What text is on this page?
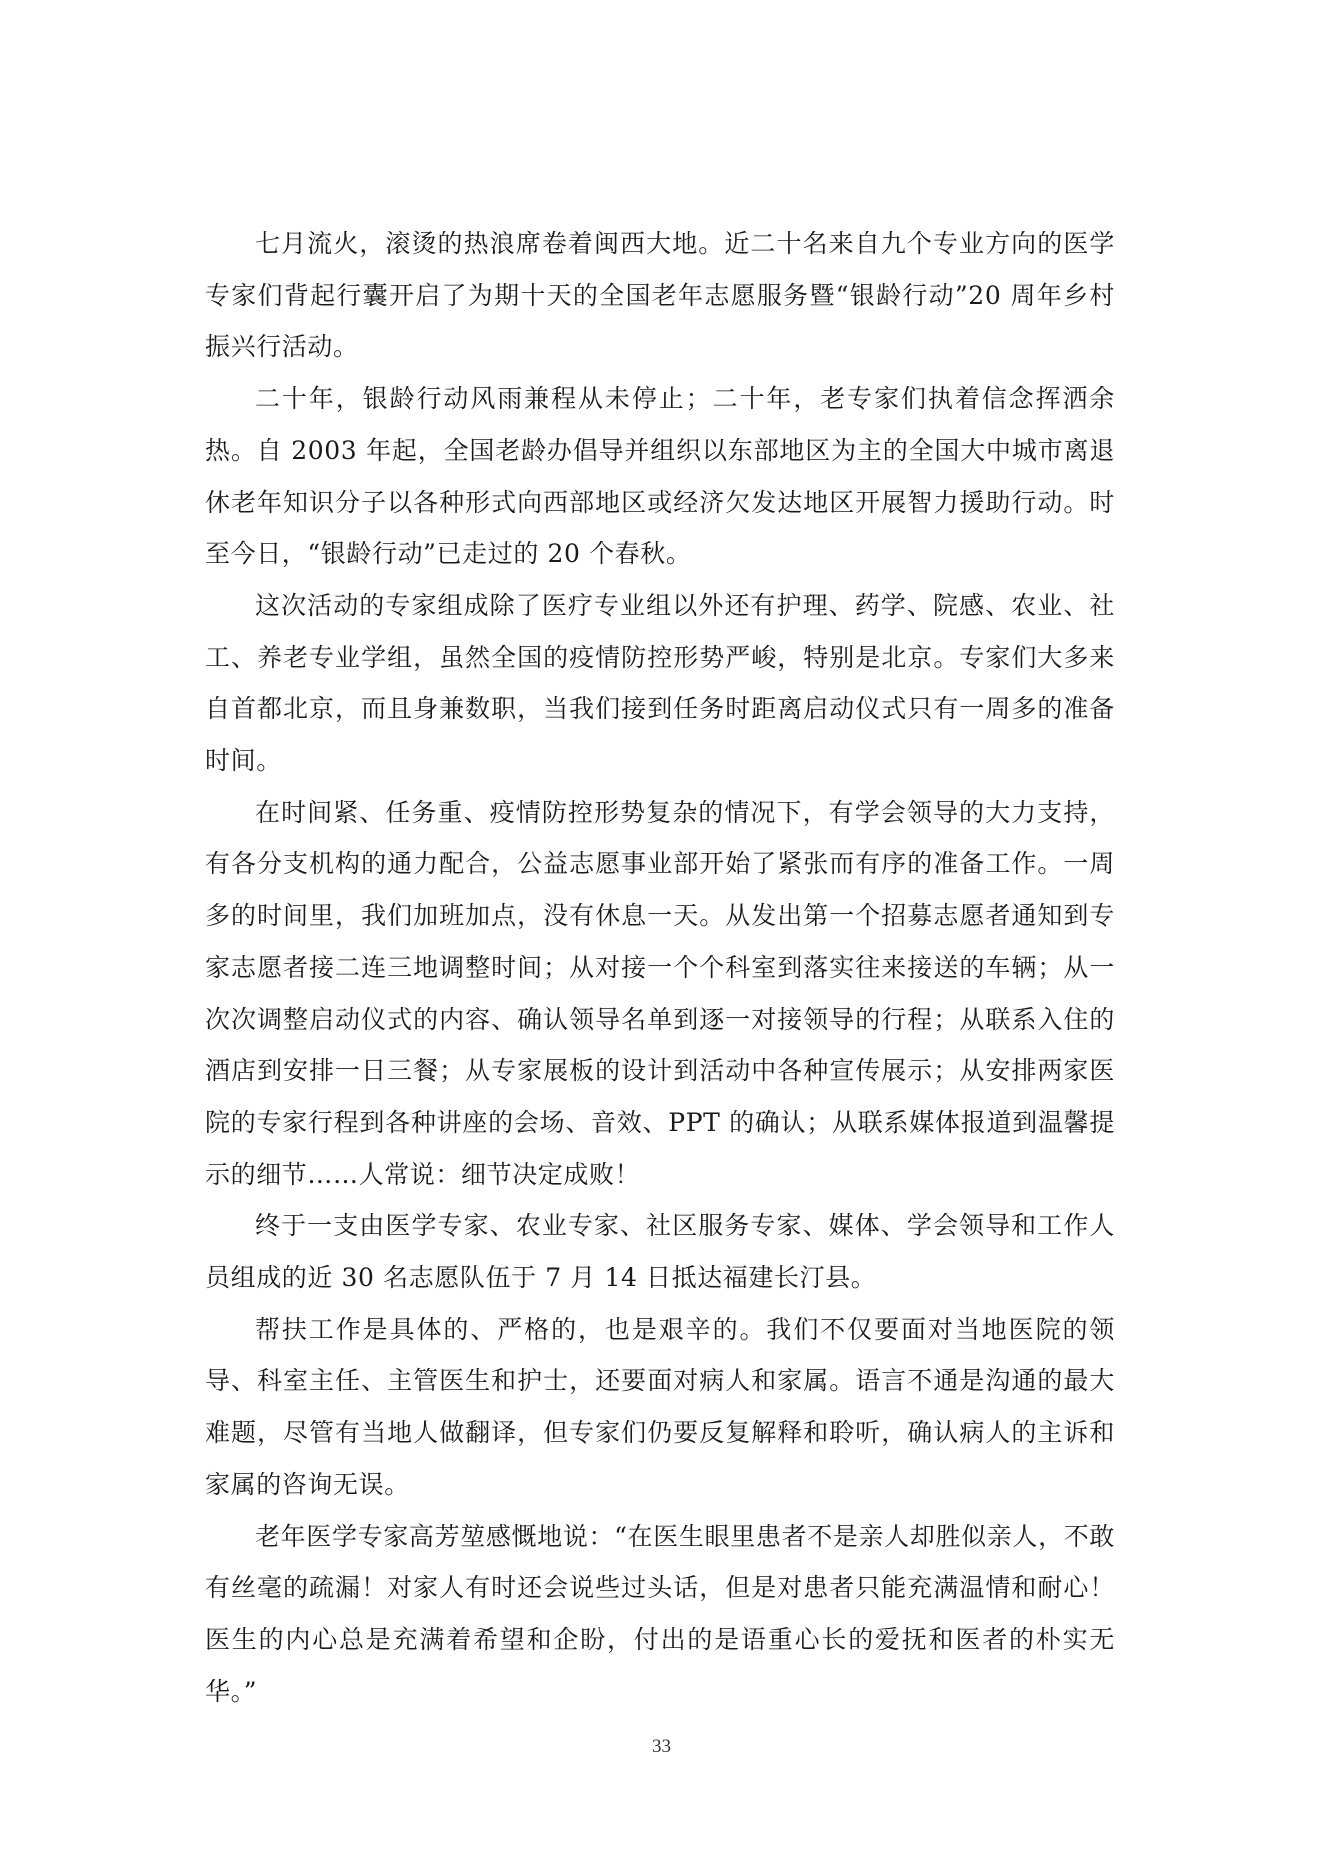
七月流火，滚烫的热浪席卷着闽西大地。近二十名来自九个专业方向的医学专家们背起行囊开启了为期十天的全国老年志愿服务暨“银龄行动”20 周年乡村振兴行活动。

二十年，银龄行动风雨兼程从未停止；二十年，老专家们执着信念挥洒余热。自 2003 年起，全国老龄办倡导并组织以东部地区为主的全国大中城市离退休老年知识分子以各种形式向西部地区或经济欠发达地区开展智力援助行动。时至今日，“银龄行动”已走过的 20 个春秋。

这次活动的专家组成除了医疗专业组以外还有护理、药学、院感、农业、社工、养老专业学组，虽然全国的疫情防控形势严峻，特别是北京。专家们大多来自首都北京，而且身兼数职，当我们接到任务时距离启动仪式只有一周多的准备时间。

在时间紧、任务重、疫情防控形势复杂的情况下，有学会领导的大力支持，有各分支机构的通力配合，公益志愿事业部开始了紧张而有序的准备工作。一周多的时间里，我们加班加点，没有休息一天。从发出第一个招募志愿者通知到专家志愿者接二连三地调整时间；从对接一个个科室到落实往来接送的车辆；从一次次调整启动仪式的内容、确认领导名单到逐一对接领导的行程；从联系入住的酒店到安排一日三餐；从专家展板的设计到活动中各种宣传展示；从安排两家医院的专家行程到各种讲座的会场、音效、PPT 的确认；从联系媒体报道到温馨提示的细节……人常说：细节决定成败！

终于一支由医学专家、农业专家、社区服务专家、媒体、学会领导和工作人员组成的近 30 名志愿队伍于 7 月 14 日抵达福建长汀县。

帮扶工作是具体的、严格的，也是艰辛的。我们不仅要面对当地医院的领导、科室主任、主管医生和护士，还要面对病人和家属。语言不通是沟通的最大难题，尽管有当地人做翻译，但专家们仍要反复解释和聆听，确认病人的主诉和家属的咨询无误。

老年医学专家高芳堃感慨地说：“在医生眼里患者不是亲人却胜似亲人，不敢有丝毫的疏漏！对家人有时还会说些过头话，但是对患者只能充满温情和耐心！医生的内心总是充满着希望和企盼，付出的是语重心长的爱抚和医者的朴实无华。”

33
